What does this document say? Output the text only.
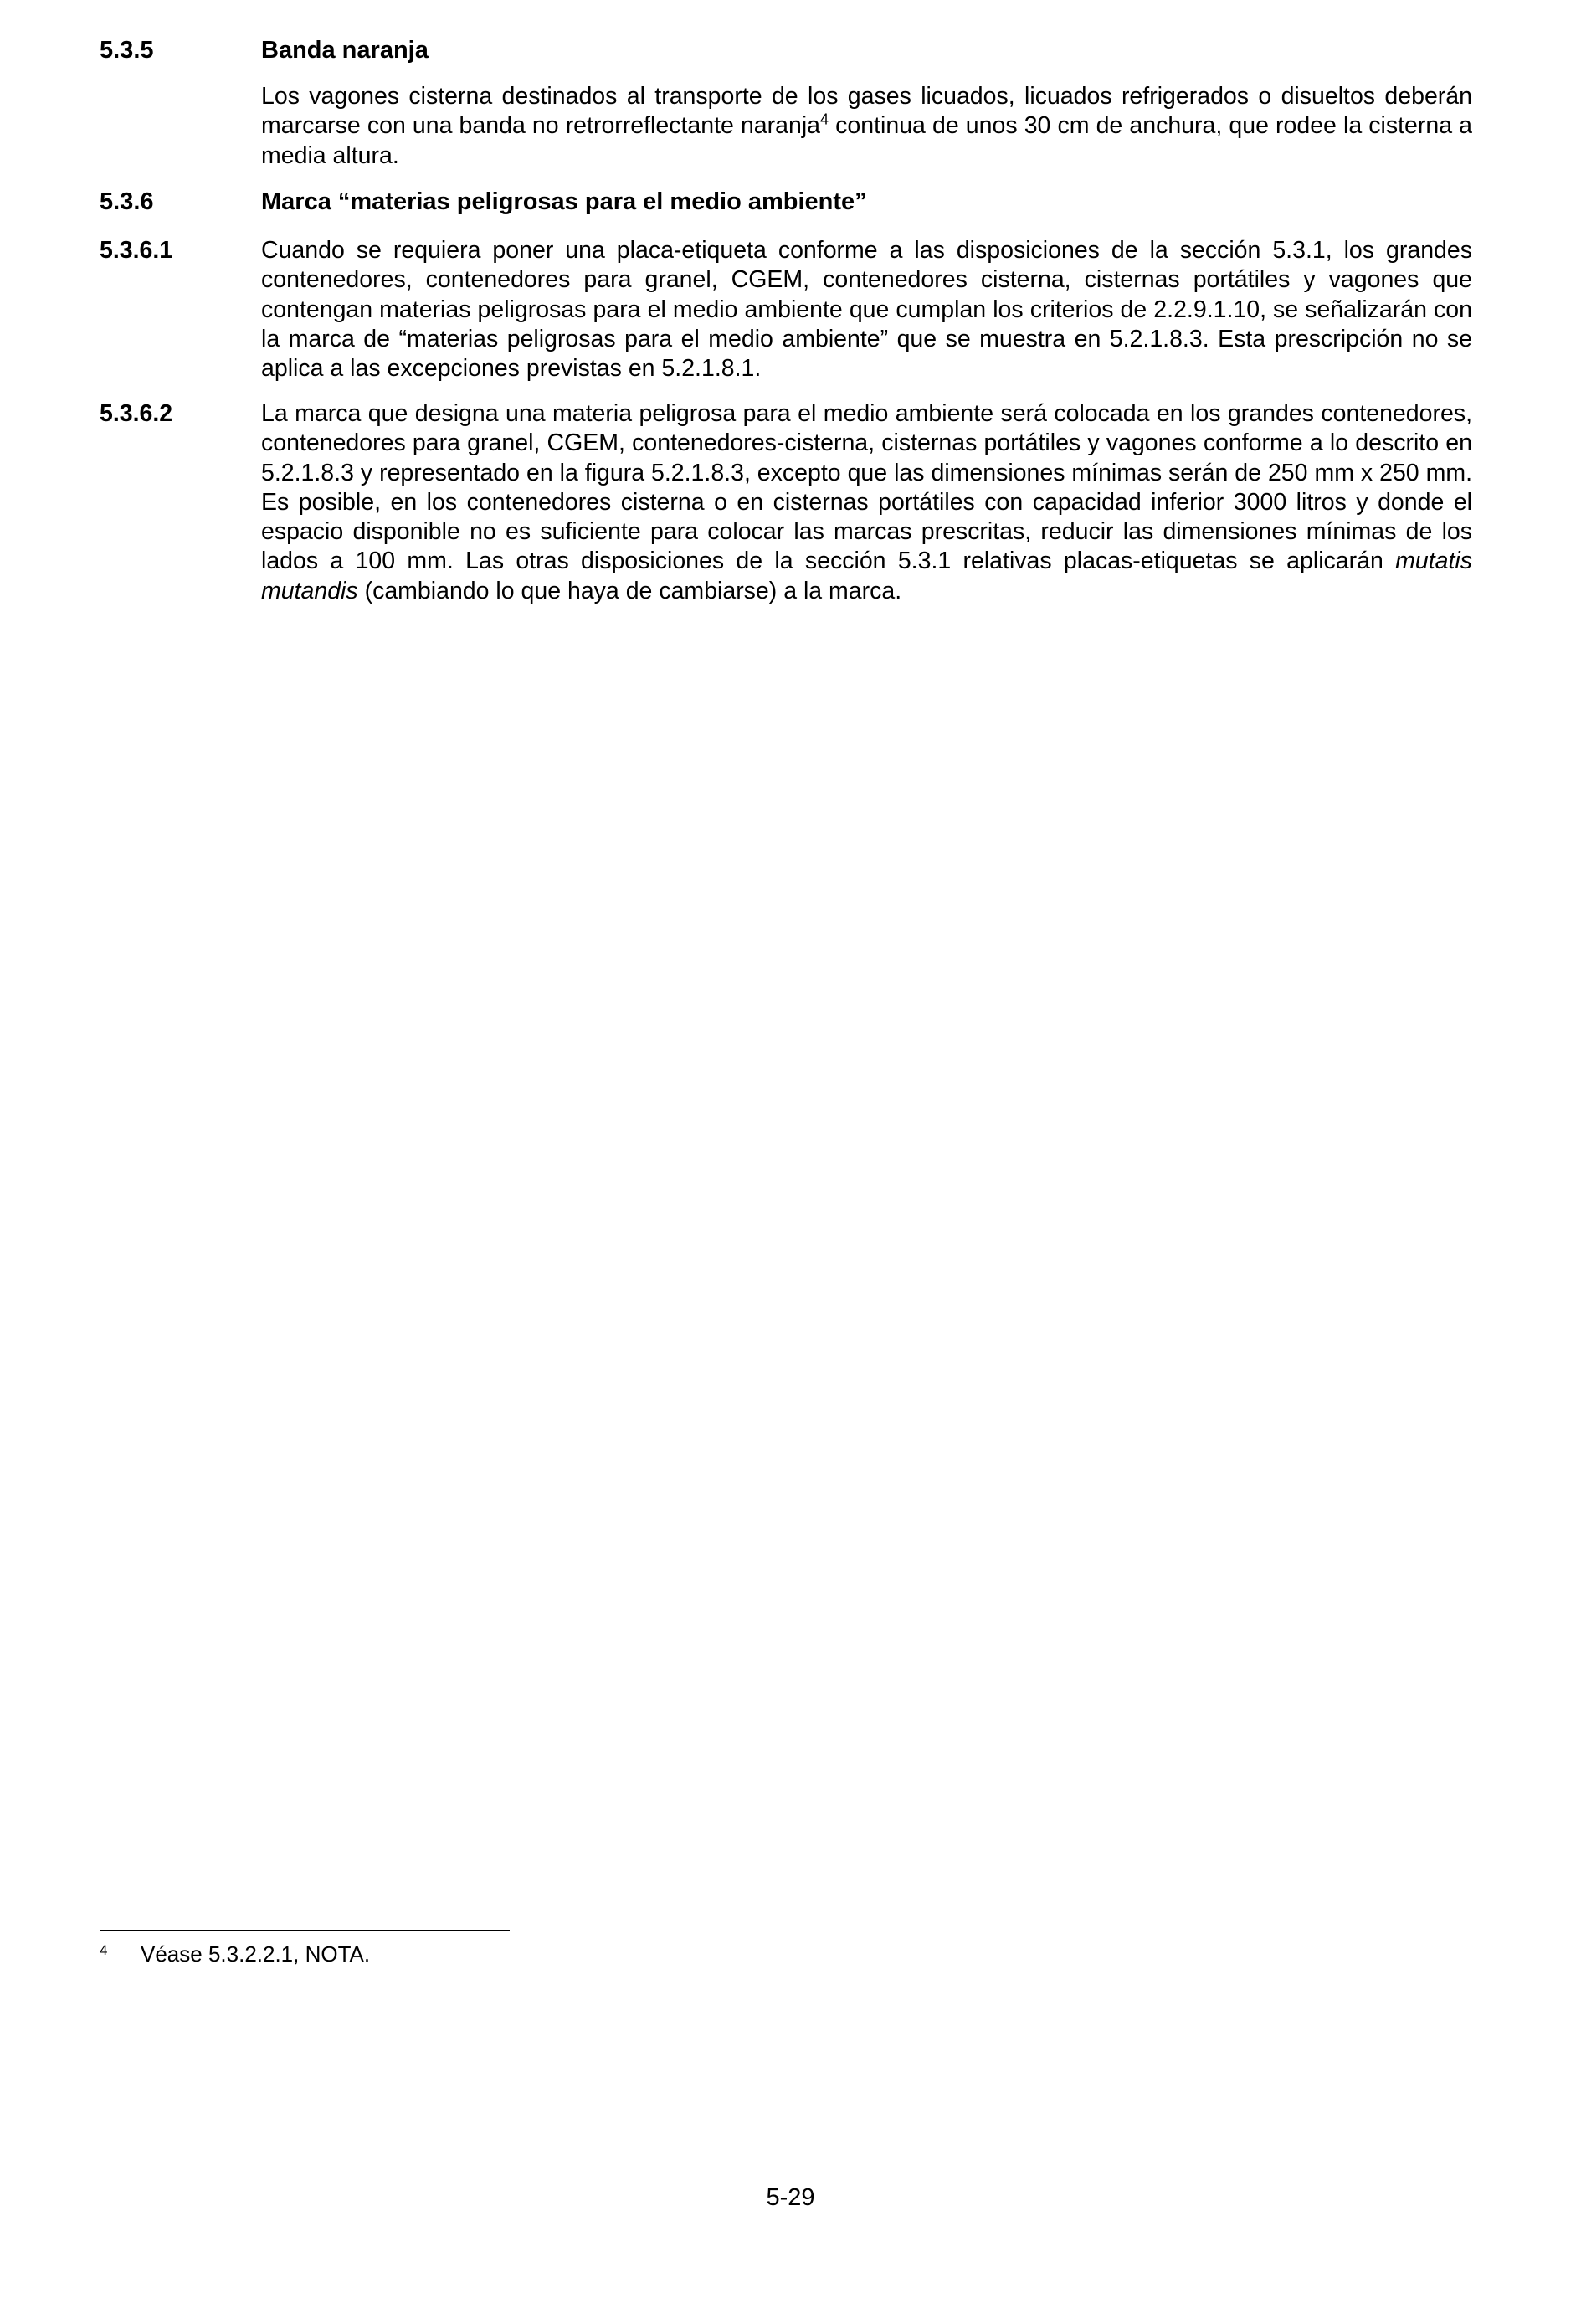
5.3.5	Banda naranja
Los vagones cisterna destinados al transporte de los gases licuados, licuados refrigerados o disueltos deberán marcarse con una banda no retrorreflectante naranja$^4$ continua de unos 30 cm de anchura, que rodee la cisterna a media altura.
5.3.6	Marca “materias peligrosas para el medio ambiente”
5.3.6.1	Cuando se requiera poner una placa-etiqueta conforme a las disposiciones de la sección 5.3.1, los grandes contenedores, contenedores para granel, CGEM, contenedores cisterna, cisternas portátiles y vagones que contengan materias peligrosas para el medio ambiente que cumplan los criterios de 2.2.9.1.10, se señalizarán con la marca de “materias peligrosas para el medio ambiente” que se muestra en 5.2.1.8.3. Esta prescripción no se aplica a las excepciones previstas en 5.2.1.8.1.
5.3.6.2	La marca que designa una materia peligrosa para el medio ambiente será colocada en los grandes contenedores, contenedores para granel, CGEM, contenedores-cisterna, cisternas portátiles y vagones conforme a lo descrito en 5.2.1.8.3 y representado en la figura 5.2.1.8.3, excepto que las dimensiones mínimas serán de 250 mm x 250 mm. Es posible, en los contenedores cisterna o en cisternas portátiles con capacidad inferior 3000 litros y donde el espacio disponible no es suficiente para colocar las marcas prescritas, reducir las dimensiones mínimas de los lados a 100 mm. Las otras disposiciones de la sección 5.3.1 relativas placas-etiquetas se aplicarán mutatis mutandis (cambiando lo que haya de cambiarse) a la marca.
4 Véase 5.3.2.2.1, NOTA.
5-29
